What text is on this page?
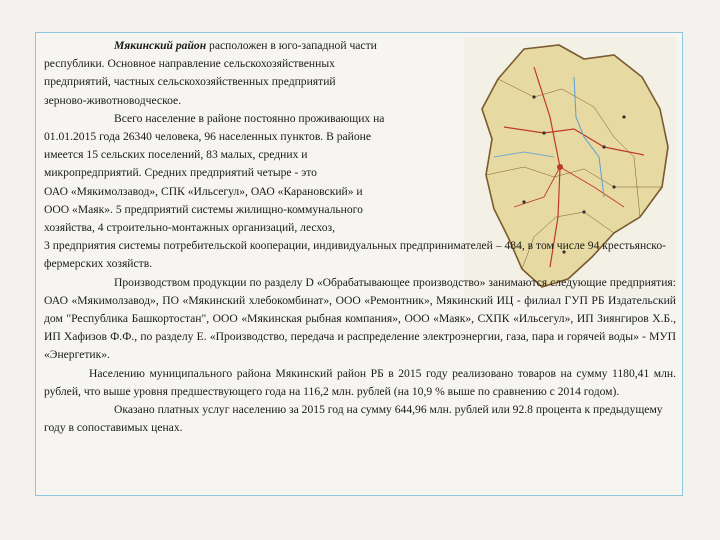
Мякинский район расположен в юго-западной части
республики. Основное направление сельскохозяйственных
предприятий, частных сельскохозяйственных предприятий
зерново-животноводческое.

Всего население в районе постоянно проживающих на
01.01.2015 года 26340 человека, 96 населенных пунктов. В районе
имеется 15 сельских поселений, 83 малых, средних и
микропредприятий. Средних предприятий четыре - это
ОАО «Мякимолзавод», СПК «Ильсегул», ОАО «Карановский» и
ООО «Маяк». 5 предприятий системы жилищно-коммунального
хозяйства, 4 строительно-монтажных организаций, лесхоз,

3 предприятия системы потребительской кооперации, индивидуальных предпринимателей – 484, в том числе 94 крестьянско-фермерских хозяйств.

Производством продукции по разделу D «Обрабатывающее производство» занимаются следующие предприятия: ОАО «Мякимолзавод», ПО «Мякинский хлебокомбинат», ООО «Ремонтник», Мякинский ИЦ - филиал ГУП РБ Издательский дом "Республика Башкортостан", ООО «Мякинская рыбная компания», ООО «Маяк», СХПК «Ильсегул», ИП Зиянгиров Х.Б., ИП Хафизов Ф.Ф., по разделу Е. «Производство, передача и распределение электроэнергии, газа, пара и горячей воды» - МУП «Энергетик».

Населению муниципального района Мякинский район РБ в 2015 году реализовано товаров на сумму 1180,41 млн. рублей, что выше уровня предшествующего года на 116,2 млн. рублей (на 10,9 % выше по сравнению с 2014 годом).

Оказано платных услуг населению за 2015 год на сумму 644,96 млн. рублей или 92.8 процента к предыдущему году в сопоставимых ценах.
